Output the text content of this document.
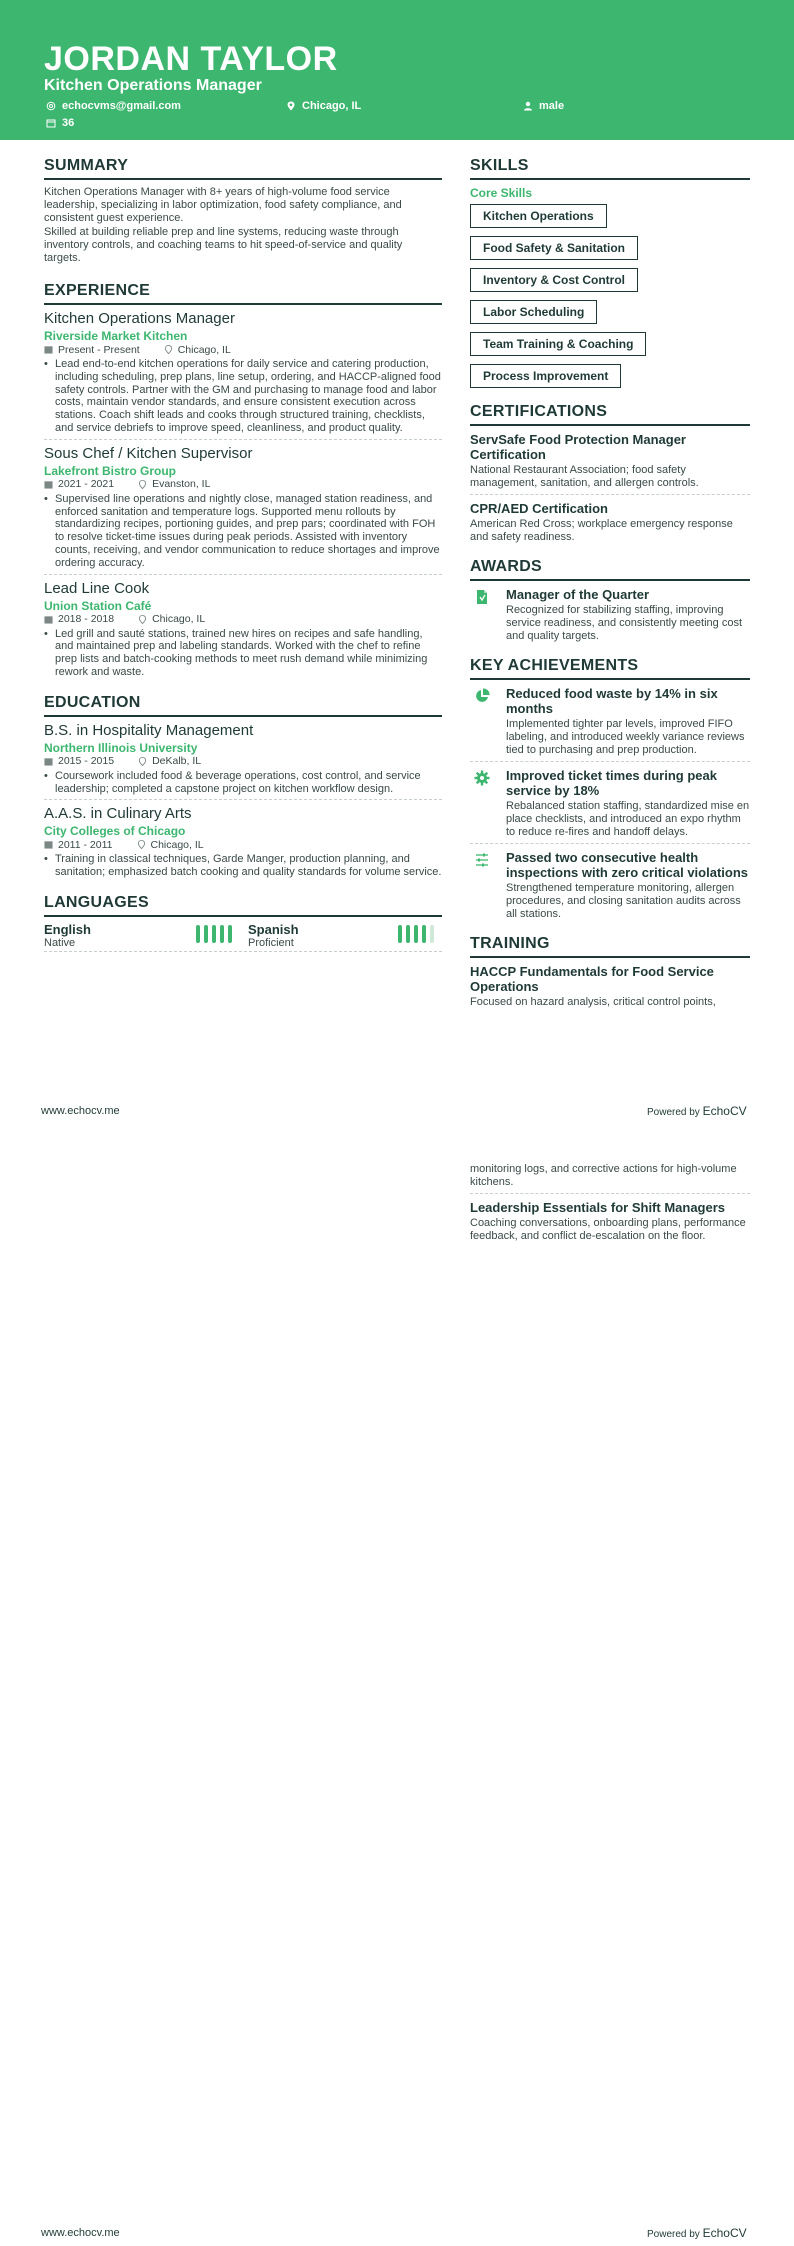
JORDAN TAYLOR
Kitchen Operations Manager
echocvms@gmail.com	Chicago, IL	male
36
SUMMARY
Kitchen Operations Manager with 8+ years of high-volume food service leadership, specializing in labor optimization, food safety compliance, and consistent guest experience.
Skilled at building reliable prep and line systems, reducing waste through inventory controls, and coaching teams to hit speed-of-service and quality targets.
EXPERIENCE
Kitchen Operations Manager
Riverside Market Kitchen
Present - Present	Chicago, IL
• Lead end-to-end kitchen operations for daily service and catering production, including scheduling, prep plans, line setup, ordering, and HACCP-aligned food safety controls. Partner with the GM and purchasing to manage food and labor costs, maintain vendor standards, and ensure consistent execution across stations. Coach shift leads and cooks through structured training, checklists, and service debriefs to improve speed, cleanliness, and product quality.
Sous Chef / Kitchen Supervisor
Lakefront Bistro Group
2021 - 2021	Evanston, IL
• Supervised line operations and nightly close, managed station readiness, and enforced sanitation and temperature logs. Supported menu rollouts by standardizing recipes, portioning guides, and prep pars; coordinated with FOH to resolve ticket-time issues during peak periods. Assisted with inventory counts, receiving, and vendor communication to reduce shortages and improve ordering accuracy.
Lead Line Cook
Union Station Café
2018 - 2018	Chicago, IL
• Led grill and sauté stations, trained new hires on recipes and safe handling, and maintained prep and labeling standards. Worked with the chef to refine prep lists and batch-cooking methods to meet rush demand while minimizing rework and waste.
EDUCATION
B.S. in Hospitality Management
Northern Illinois University
2015 - 2015	DeKalb, IL
• Coursework included food & beverage operations, cost control, and service leadership; completed a capstone project on kitchen workflow design.
A.A.S. in Culinary Arts
City Colleges of Chicago
2011 - 2011	Chicago, IL
• Training in classical techniques, Garde Manger, production planning, and sanitation; emphasized batch cooking and quality standards for volume service.
LANGUAGES
English
Native
Spanish
Proficient
SKILLS
Core Skills
Kitchen Operations
Food Safety & Sanitation
Inventory & Cost Control
Labor Scheduling
Team Training & Coaching
Process Improvement
CERTIFICATIONS
ServSafe Food Protection Manager Certification
National Restaurant Association; food safety management, sanitation, and allergen controls.
CPR/AED Certification
American Red Cross; workplace emergency response and safety readiness.
AWARDS
Manager of the Quarter
Recognized for stabilizing staffing, improving service readiness, and consistently meeting cost and quality targets.
KEY ACHIEVEMENTS
Reduced food waste by 14% in six months
Implemented tighter par levels, improved FIFO labeling, and introduced weekly variance reviews tied to purchasing and prep production.
Improved ticket times during peak service by 18%
Rebalanced station staffing, standardized mise en place checklists, and introduced an expo rhythm to reduce re-fires and handoff delays.
Passed two consecutive health inspections with zero critical violations
Strengthened temperature monitoring, allergen procedures, and closing sanitation audits across all stations.
TRAINING
HACCP Fundamentals for Food Service Operations
Focused on hazard analysis, critical control points,
www.echocv.me	Powered by EchoCV
monitoring logs, and corrective actions for high-volume kitchens.
Leadership Essentials for Shift Managers
Coaching conversations, onboarding plans, performance feedback, and conflict de-escalation on the floor.
www.echocv.me	Powered by EchoCV
